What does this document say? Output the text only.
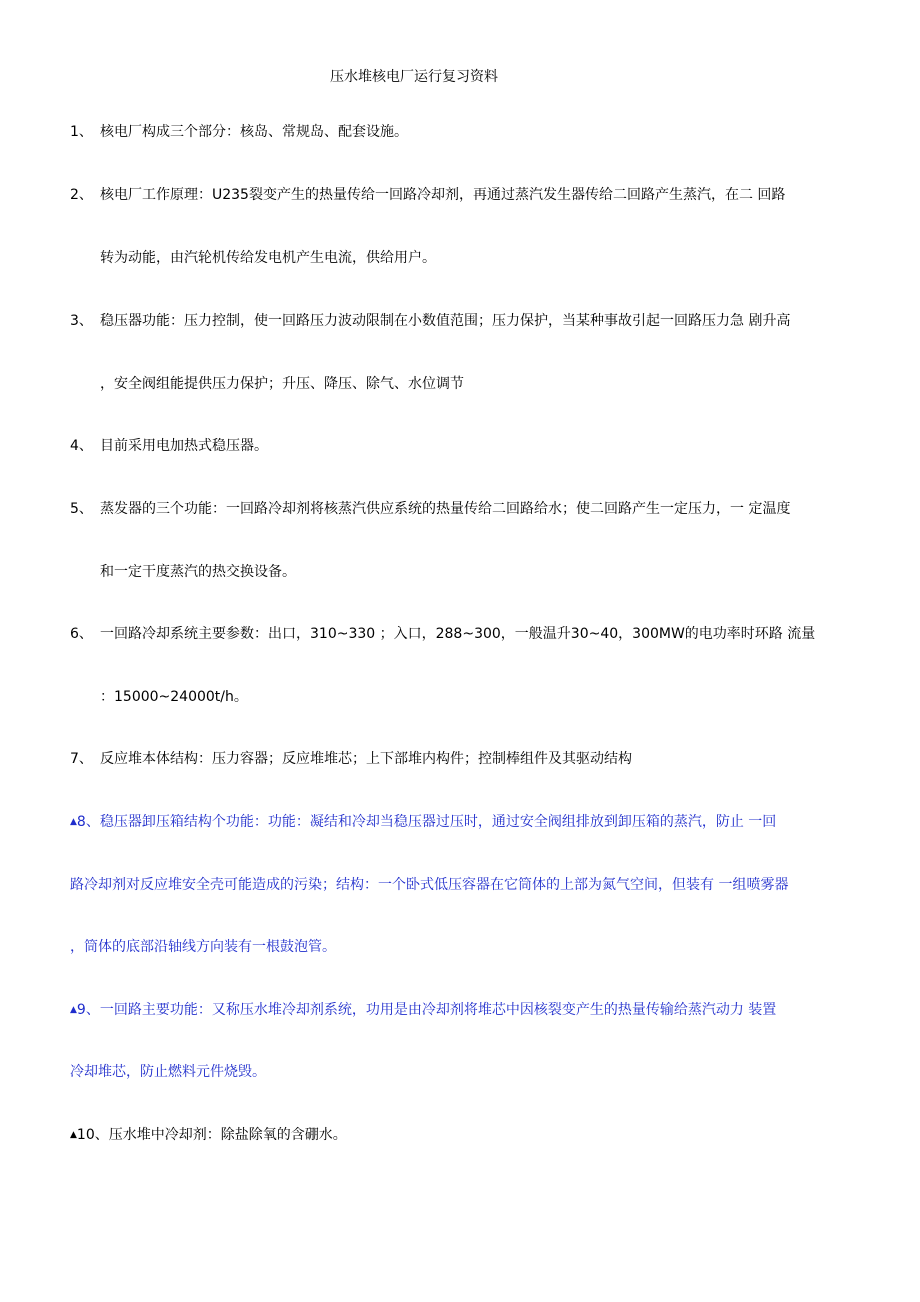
压水堆核电厂运行复习资料
1、 核电厂构成三个部分：核岛、常规岛、配套设施。
2、 核电厂工作原理：U235裂变产生的热量传给一回路冷却剂，再通过蒸汽发生器传给二回路产生蒸汽，在二 回路
转为动能，由汽轮机传给发电机产生电流，供给用户。
3、 稳压器功能：压力控制，使一回路压力波动限制在小数值范围；压力保护，当某种事故引起一回路压力急 剧升高
，安全阀组能提供压力保护；升压、降压、除气、水位调节
4、 目前采用电加热式稳压器。
5、 蒸发器的三个功能：一回路冷却剂将核蒸汽供应系统的热量传给二回路给水；使二回路产生一定压力，一 定温度
和一定干度蒸汽的热交换设备。
6、 一回路冷却系统主要参数：出口，310~330 ；入口，288~300，一般温升30~40，300MW的电功率时环路 流量
：15000~24000t/h。
7、 反应堆本体结构：压力容器；反应堆堆芯；上下部堆内构件；控制棒组件及其驱动结构
▲8、稳压器卸压箱结构个功能：功能：凝结和冷却当稳压器过压时，通过安全阀组排放到卸压箱的蒸汽，防止 一回
路冷却剂对反应堆安全壳可能造成的污染；结构：一个卧式低压容器在它筒体的上部为氮气空间，但装有 一组喷雾器
，筒体的底部沿轴线方向装有一根鼓泡管。
▲9、一回路主要功能：又称压水堆冷却剂系统，功用是由冷却剂将堆芯中因核裂变产生的热量传输给蒸汽动力 装置
冷却堆芯，防止燃料元件烧毁。
▲10、压水堆中冷却剂：除盐除氧的含硼水。
